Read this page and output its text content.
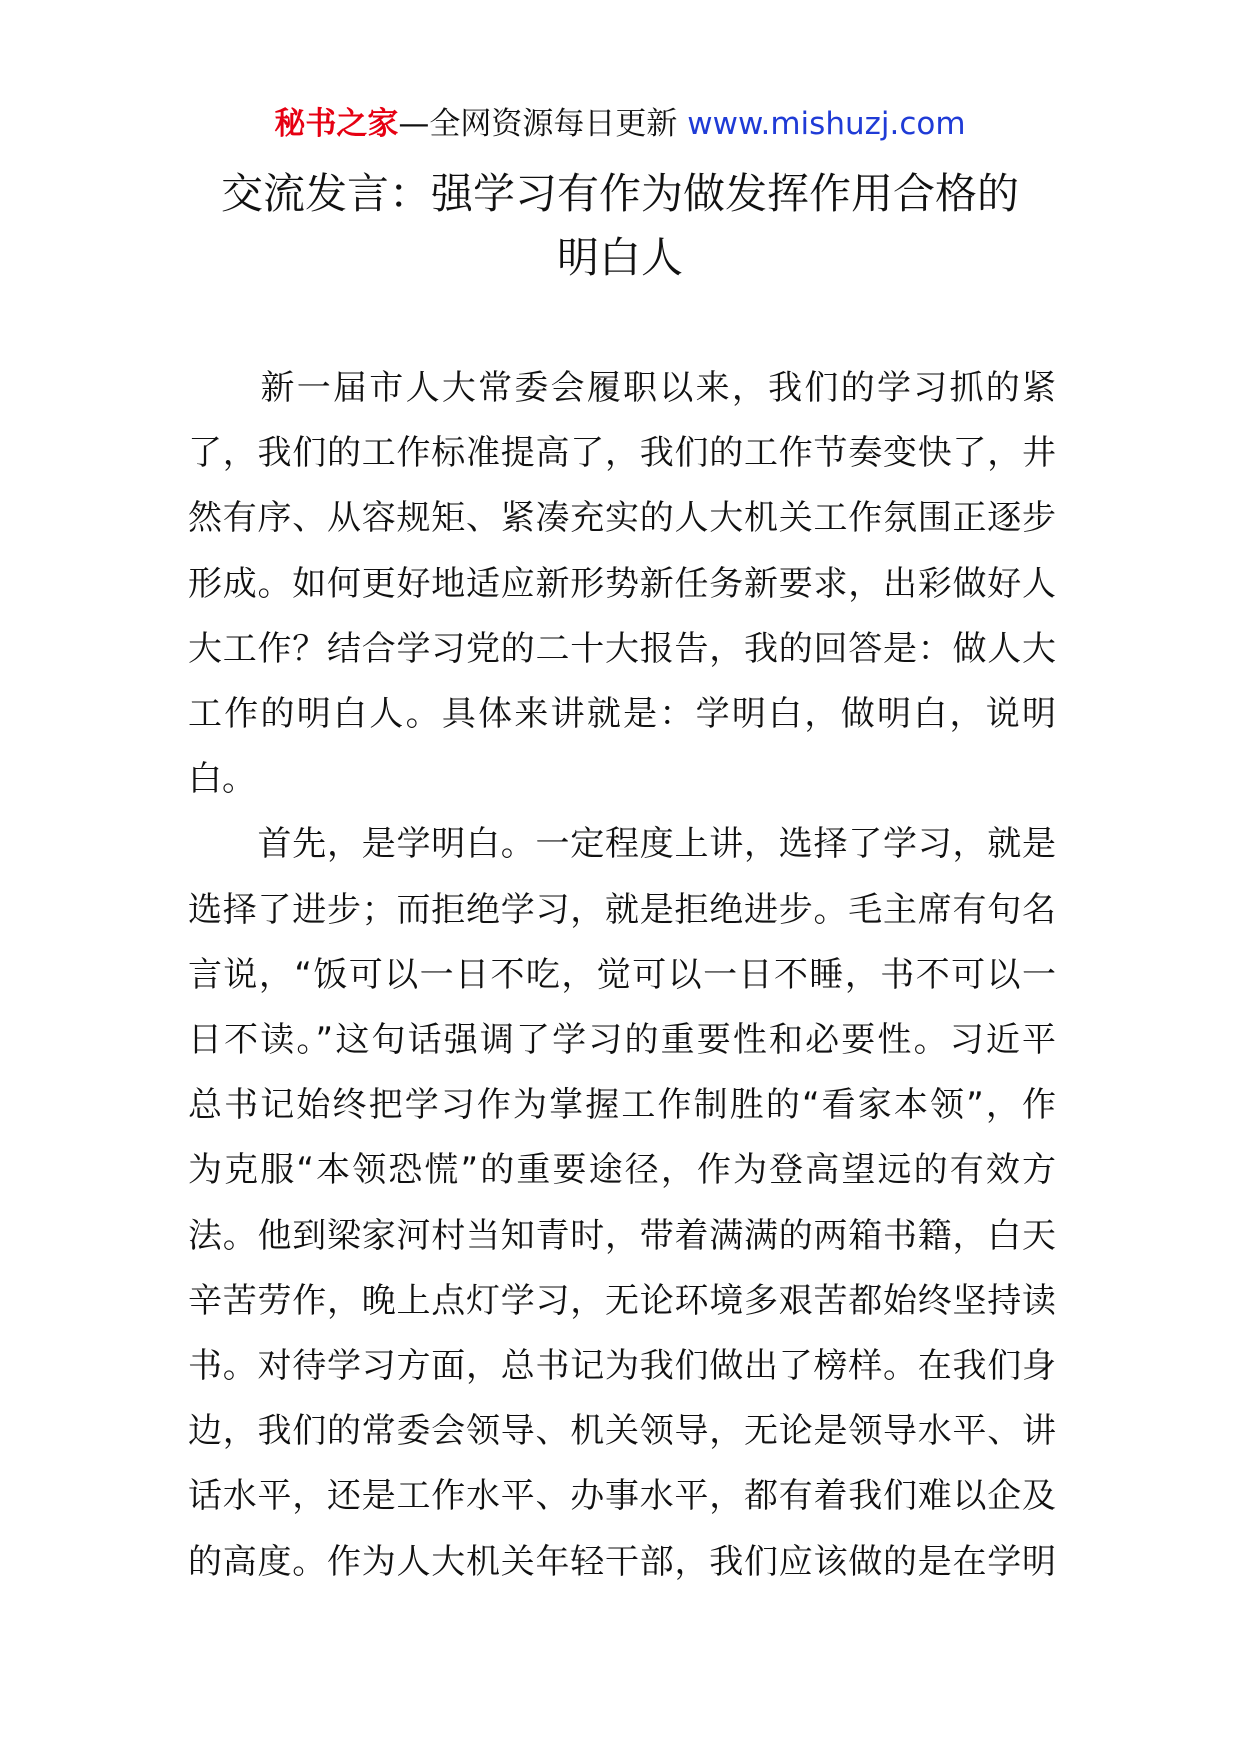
秘书之家—全网资源每日更新 www.mishuzj.com
交流发言：强学习有作为做发挥作用合格的
明白人
　　新一届市人大常委会履职以来，我们的学习抓的紧
了，我们的工作标准提高了，我们的工作节奏变快了，井
然有序、从容规矩、紧凑充实的人大机关工作氛围正逐步
形成。如何更好地适应新形势新任务新要求，出彩做好人
大工作？结合学习党的二十大报告，我的回答是：做人大
工作的明白人。具体来讲就是：学明白，做明白，说明
白。
　　首先，是学明白。一定程度上讲，选择了学习，就是
选择了进步；而拒绝学习，就是拒绝进步。毛主席有句名
言说，“饭可以一日不吃，觉可以一日不睡，书不可以一
日不读。”这句话强调了学习的重要性和必要性。习近平
总书记始终把学习作为掌握工作制胜的“看家本领”，作
为克服“本领恐慌”的重要途径，作为登高望远的有效方
法。他到梁家河村当知青时，带着满满的两箱书籍，白天
辛苦劳作，晚上点灯学习，无论环境多艰苦都始终坚持读
书。对待学习方面，总书记为我们做出了榜样。在我们身
边，我们的常委会领导、机关领导，无论是领导水平、讲
话水平，还是工作水平、办事水平，都有着我们难以企及
的高度。作为人大机关年轻干部，我们应该做的是在学明
